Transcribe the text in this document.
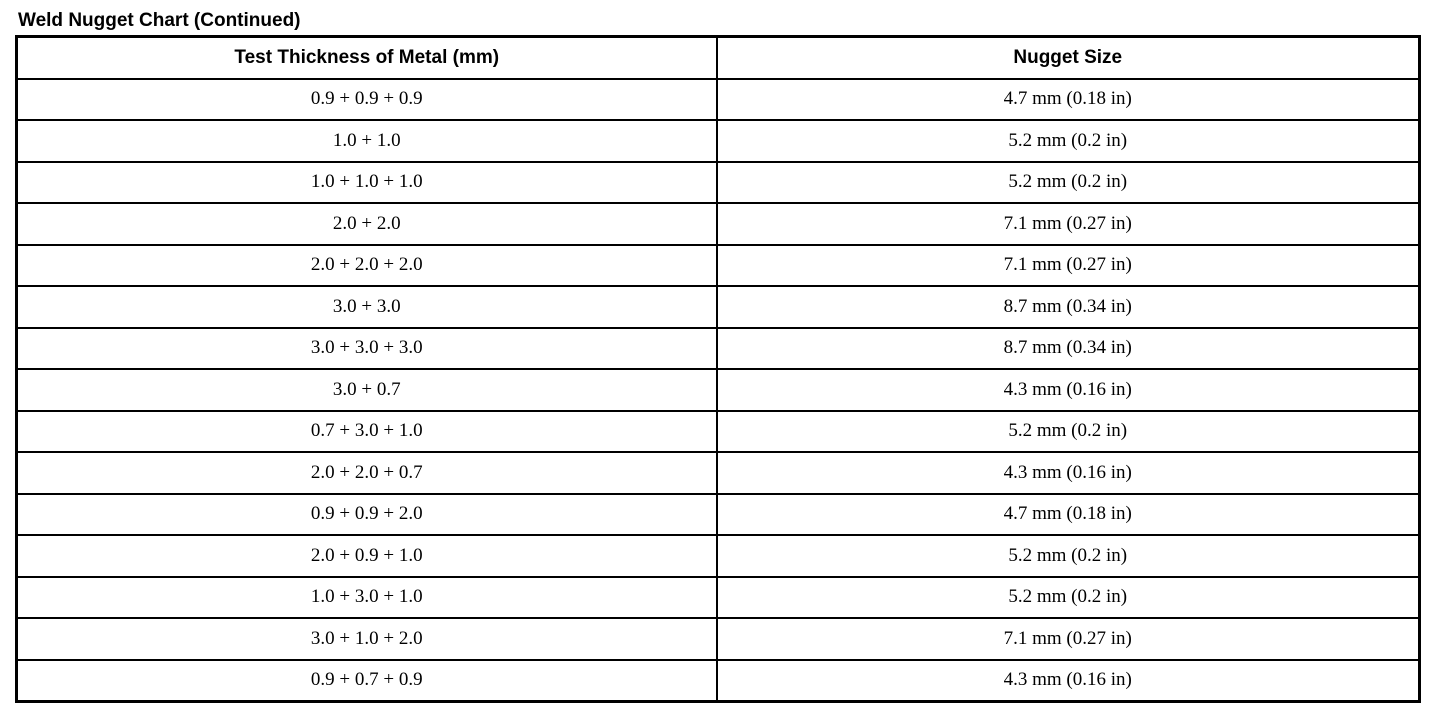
Weld Nugget Chart (Continued)
Test Thickness of Metal (mm)	Nugget Size
0.9 + 0.9 + 0.9	4.7 mm (0.18 in)
1.0 + 1.0	5.2 mm (0.2 in)
1.0 + 1.0 + 1.0	5.2 mm (0.2 in)
2.0 + 2.0	7.1 mm (0.27 in)
2.0 + 2.0 + 2.0	7.1 mm (0.27 in)
3.0 + 3.0	8.7 mm (0.34 in)
3.0 + 3.0 + 3.0	8.7 mm (0.34 in)
3.0 + 0.7	4.3 mm (0.16 in)
0.7 + 3.0 + 1.0	5.2 mm (0.2 in)
2.0 + 2.0 + 0.7	4.3 mm (0.16 in)
0.9 + 0.9 + 2.0	4.7 mm (0.18 in)
2.0 + 0.9 + 1.0	5.2 mm (0.2 in)
1.0 + 3.0 + 1.0	5.2 mm (0.2 in)
3.0 + 1.0 + 2.0	7.1 mm (0.27 in)
0.9 + 0.7 + 0.9	4.3 mm (0.16 in)
